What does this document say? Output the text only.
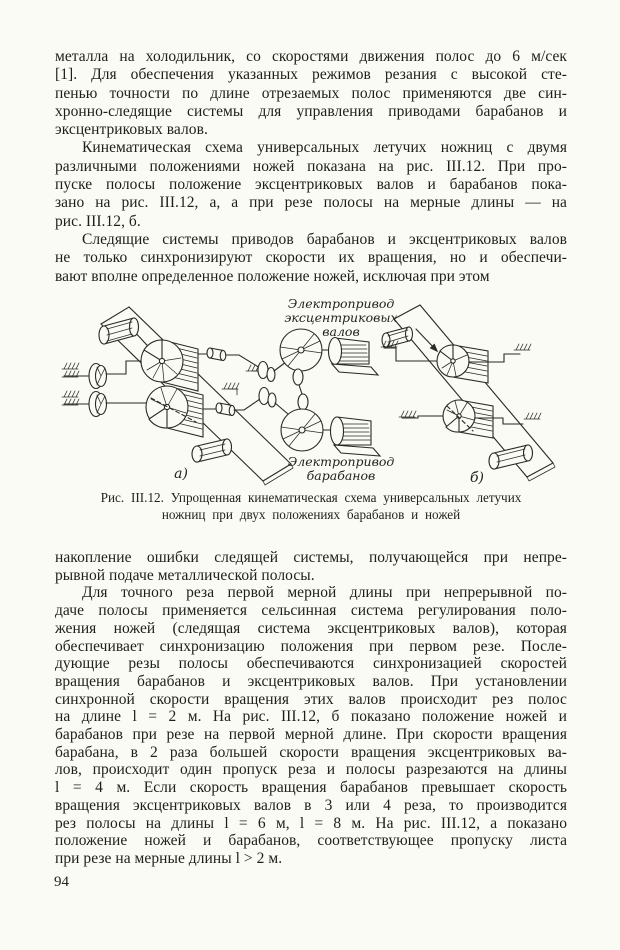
металла на холодильник, со скоростями движения полос до 6 м/сек
[1]. Для обеспечения указанных режимов резания с высокой сте-
пенью точности по длине отрезаемых полос применяются две син-
хронно-следящие системы для управления приводами барабанов и
эксцентриковых валов.
Кинематическая схема универсальных летучих ножниц с двумя
различными положениями ножей показана на рис. III.12. При про-
пуске полосы положение эксцентриковых валов и барабанов пока-
зано на рис. III.12, а, а при резе полосы на мерные длины — на
рис. III.12, б.
Следящие системы приводов барабанов и эксцентриковых валов
не только синхронизируют скорости их вращения, но и обеспечи-
вают вполне определенное положение ножей, исключая при этом
Электропривод
эксцентриковых
валов
Электропривод
барабанов
а)	б)
Рис. III.12. Упрощенная кинематическая схема универсальных летучих
ножниц при двух положениях барабанов и ножей
накопление ошибки следящей системы, получающейся при непре-
рывной подаче металлической полосы.
Для точного реза первой мерной длины при непрерывной по-
даче полосы применяется сельсинная система регулирования поло-
жения ножей (следящая система эксцентриковых валов), которая
обеспечивает синхронизацию положения при первом резе. После-
дующие резы полосы обеспечиваются синхронизацией скоростей
вращения барабанов и эксцентриковых валов. При установлении
синхронной скорости вращения этих валов происходит рез полос
на длине l = 2 м. На рис. III.12, б показано положение ножей и
барабанов при резе на первой мерной длине. При скорости вращения
барабана, в 2 раза большей скорости вращения эксцентриковых ва-
лов, происходит один пропуск реза и полосы разрезаются на длины
l = 4 м. Если скорость вращения барабанов превышает скорость
вращения эксцентриковых валов в 3 или 4 реза, то производится
рез полосы на длины l = 6 м, l = 8 м. На рис. III.12, а показано
положение ножей и барабанов, соответствующее пропуску листа
при резе на мерные длины l > 2 м.
94
